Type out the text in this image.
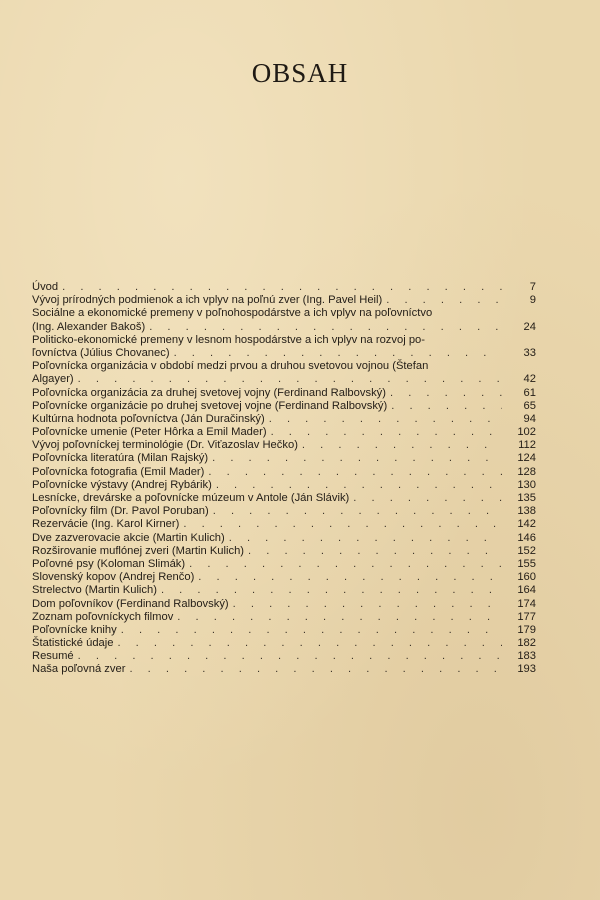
OBSAH
Úvod . . .	7
Vývoj prírodných podmienok a ich vplyv na poľnú zver (Ing. Pavel Heil) . . .	9
Sociálne a ekonomické premeny v poľnohospodárstve a ich vplyv na poľovníctvo
(Ing. Alexander Bakoš) . . .	24
Politicko-ekonomické premeny v lesnom hospodárstve a ich vplyv na rozvoj po-
ľovníctva (Július Chovanec) . . .	33
Poľovnícka organizácia v období medzi prvou a druhou svetovou vojnou (Štefan
Algayer) . . .	42
Poľovnícka organizácia za druhej svetovej vojny (Ferdinand Ralbovský) . . .	61
Poľovnícke organizácie po druhej svetovej vojne (Ferdinand Ralbovský) . . .	65
Kultúrna hodnota poľovníctva (Ján Duračinský) . . .	94
Poľovnícke umenie (Peter Hôrka a Emil Mader) . . .	102
Vývoj poľovníckej terminológie (Dr. Viťazoslav Hečko) . . .	112
Poľovnícka literatúra (Milan Rajský) . . .	124
Poľovnícka fotografia (Emil Mader) . . .	128
Poľovnícke výstavy (Andrej Rybárik) . . .	130
Lesnícke, drevárske a poľovnícke múzeum v Antole (Ján Slávik) . . .	135
Poľovnícky film (Dr. Pavol Poruban) . . .	138
Rezervácie (Ing. Karol Kirner) . . .	142
Dve zazverovacie akcie (Martin Kulich) . . .	146
Rozširovanie muflónej zveri (Martin Kulich) . . .	152
Poľovné psy (Koloman Slimák) . . .	155
Slovenský kopov (Andrej Renčo) . . .	160
Strelectvo (Martin Kulich) . . .	164
Dom poľovníkov (Ferdinand Ralbovský) . . .	174
Zoznam poľovníckych filmov . . .	177
Poľovnícke knihy . . .	179
Štatistické údaje . . .	182
Resumé . . .	183
Naša poľovná zver . . .	193
